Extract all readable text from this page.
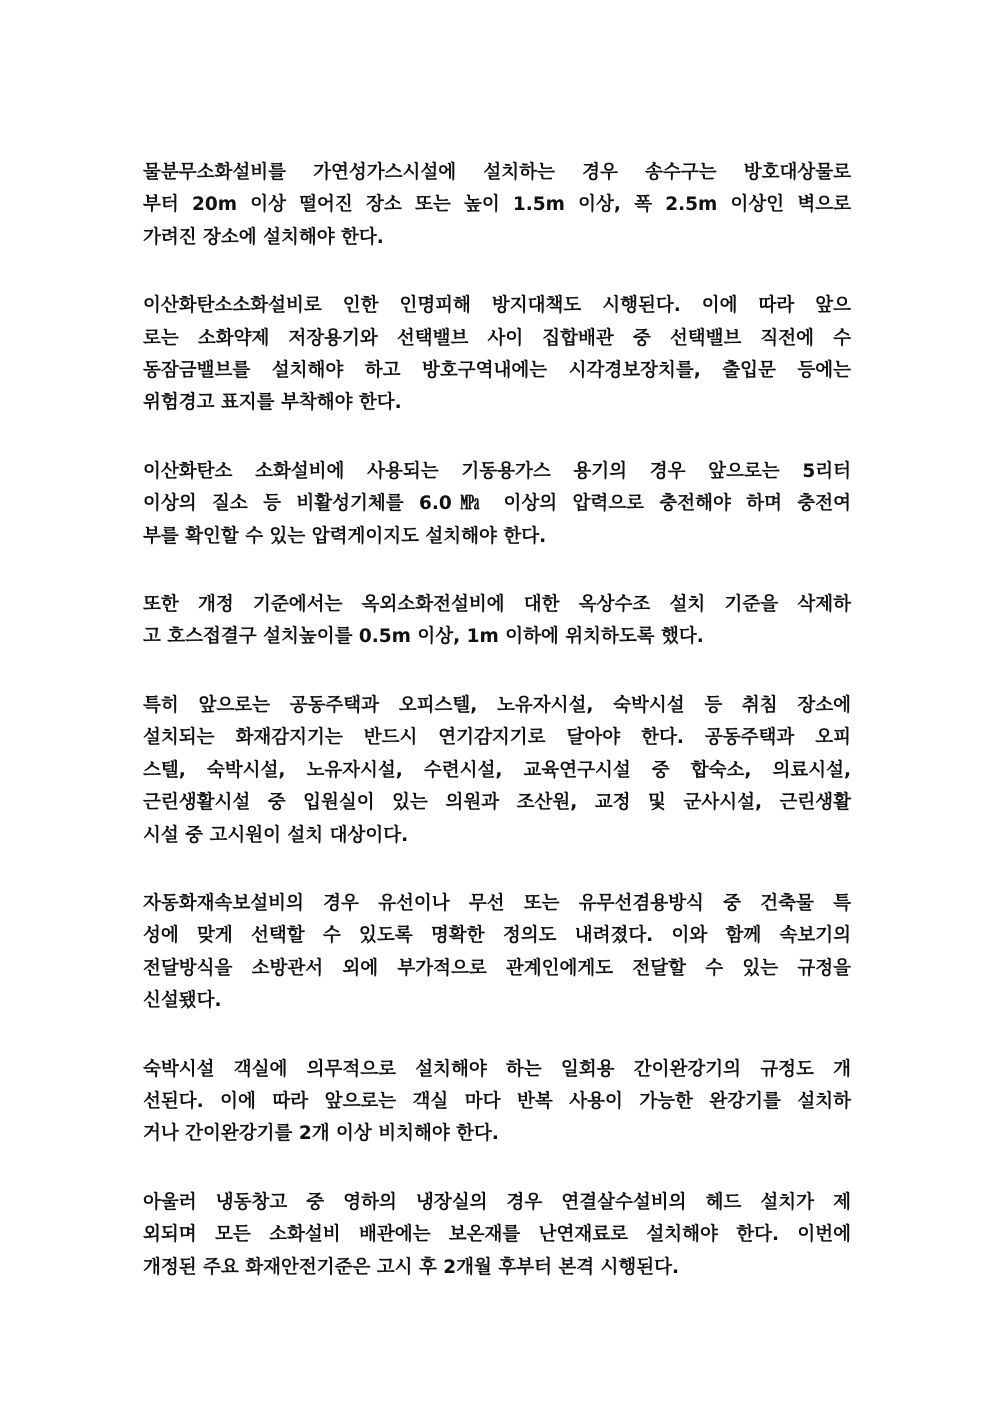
물분무소화설비를 가연성가스시설에 설치하는 경우 송수구는 방호대상물로
부터 20m 이상 떨어진 장소 또는 높이 1.5m 이상, 폭 2.5m 이상인 벽으로
가려진 장소에 설치해야 한다.

이산화탄소소화설비로 인한 인명피해 방지대책도 시행된다. 이에 따라 앞으
로는 소화약제 저장용기와 선택밸브 사이 집합배관 중 선택밸브 직전에 수
동잠금밸브를 설치해야 하고 방호구역내에는 시각경보장치를, 출입문 등에는
위험경고 표지를 부착해야 한다.

이산화탄소 소화설비에 사용되는 기동용가스 용기의 경우 앞으로는 5리터
이상의 질소 등 비활성기체를 6.0㎫ 이상의 압력으로 충전해야 하며 충전여
부를 확인할 수 있는 압력게이지도 설치해야 한다.

또한 개정 기준에서는 옥외소화전설비에 대한 옥상수조 설치 기준을 삭제하
고 호스접결구 설치높이를 0.5m 이상, 1m 이하에 위치하도록 했다.

특히 앞으로는 공동주택과 오피스텔, 노유자시설, 숙박시설 등 취침 장소에
설치되는 화재감지기는 반드시 연기감지기로 달아야 한다. 공동주택과 오피
스텔, 숙박시설, 노유자시설, 수련시설, 교육연구시설 중 합숙소, 의료시설,
근린생활시설 중 입원실이 있는 의원과 조산원, 교정 및 군사시설, 근린생활
시설 중 고시원이 설치 대상이다.

자동화재속보설비의 경우 유선이나 무선 또는 유무선겸용방식 중 건축물 특
성에 맞게 선택할 수 있도록 명확한 정의도 내려졌다. 이와 함께 속보기의
전달방식을 소방관서 외에 부가적으로 관계인에게도 전달할 수 있는 규정을
신설됐다.

숙박시설 객실에 의무적으로 설치해야 하는 일회용 간이완강기의 규정도 개
선된다. 이에 따라 앞으로는 객실 마다 반복 사용이 가능한 완강기를 설치하
거나 간이완강기를 2개 이상 비치해야 한다.

아울러 냉동창고 중 영하의 냉장실의 경우 연결살수설비의 헤드 설치가 제
외되며 모든 소화설비 배관에는 보온재를 난연재료로 설치해야 한다. 이번에
개정된 주요 화재안전기준은 고시 후 2개월 후부터 본격 시행된다.
